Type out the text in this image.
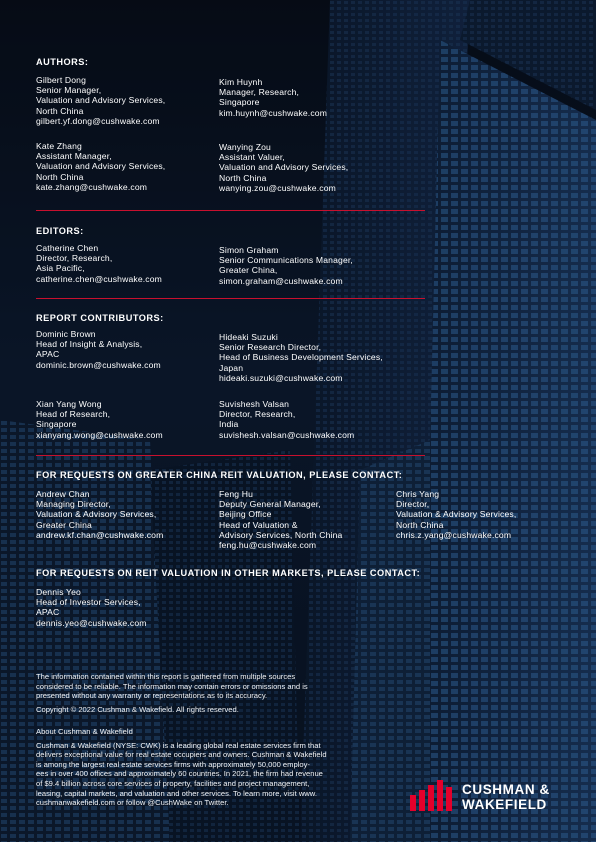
AUTHORS:
Gilbert Dong
Senior Manager,
Valuation and Advisory Services,
North China
gilbert.yf.dong@cushwake.com
Kim Huynh
Manager, Research,
Singapore
kim.huynh@cushwake.com
Kate Zhang
Assistant Manager,
Valuation and Advisory Services,
North China
kate.zhang@cushwake.com
Wanying Zou
Assistant Valuer,
Valuation and Advisory Services,
North China
wanying.zou@cushwake.com
EDITORS:
Catherine Chen
Director, Research,
Asia Pacific,
catherine.chen@cushwake.com
Simon Graham
Senior Communications Manager,
Greater China,
simon.graham@cushwake.com
REPORT CONTRIBUTORS:
Dominic Brown
Head of Insight & Analysis,
APAC
dominic.brown@cushwake.com
Hideaki Suzuki
Senior Research Director,
Head of Business Development Services,
Japan
hideaki.suzuki@cushwake.com
Xian Yang Wong
Head of Research,
Singapore
xianyang.wong@cushwake.com
Suvishesh Valsan
Director, Research,
India
suvishesh.valsan@cushwake.com
FOR REQUESTS ON GREATER CHINA REIT VALUATION, PLEASE CONTACT:
Andrew Chan
Managing Director,
Valuation & Advisory Services,
Greater China
andrew.kf.chan@cushwake.com
Feng Hu
Deputy General Manager,
Beijing Office
Head of Valuation &
Advisory Services, North China
feng.hu@cushwake.com
Chris Yang
Director,
Valuation & Advisory Services,
North China
chris.z.yang@cushwake.com
FOR REQUESTS ON REIT VALUATION IN OTHER MARKETS, PLEASE CONTACT:
Dennis Yeo
Head of Investor Services,
APAC
dennis.yeo@cushwake.com
The information contained within this report is gathered from multiple sources
considered to be reliable. The information may contain errors or omissions and is
presented without any warranty or representations as to its accuracy.
Copyright © 2022 Cushman & Wakefield. All rights reserved.
About Cushman & Wakefield
Cushman & Wakefield (NYSE: CWK) is a leading global real estate services firm that
delivers exceptional value for real estate occupiers and owners. Cushman & Wakefield
is among the largest real estate services firms with approximately 50,000 employ-
ees in over 400 offices and approximately 60 countries. In 2021, the firm had revenue
of $9.4 billion across core services of property, facilities and project management,
leasing, capital markets, and valuation and other services. To learn more, visit www.
cushmanwakefield.com or follow @CushWake on Twitter.
CUSHMAN &
WAKEFIELD
